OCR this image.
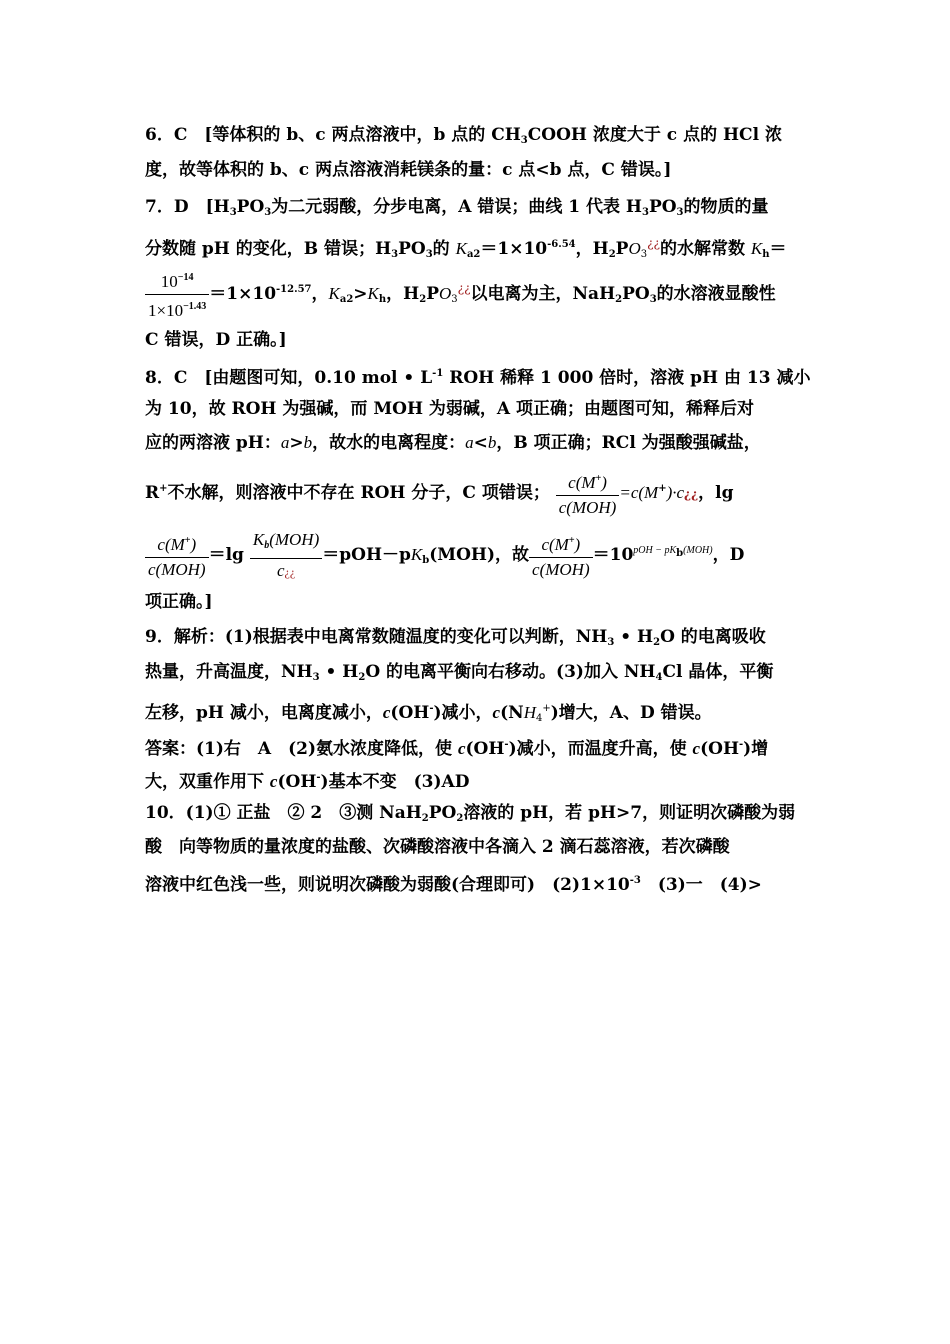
6．C　[等体积的 b、c 两点溶液中，b 点的 $CH_3COOH$ 浓度大于 c 点的 HCl 浓
度，故等体积的 b、c 两点溶液消耗镁条的量：c 点<b 点，C 错误。]
7．D　[$H_3PO_3$为二元弱酸，分步电离，A 错误；曲线 1 代表 $H_3PO_3$的物质的量
分数随 pH 的变化，B 错误；$H_3PO_3$的 $K_{a2}=1\times 10^{-6.54}$，$H_2PO_3^{¿¿}$的水解常数 $K_h=$
$\frac{10^{-14}}{1\times 10^{-1.43}} =1\times 10^{-12.57}$，$K_{a2}>K_h$，$H_2PO_3^{¿¿}$以电离为主，$NaH_2PO_3$的水溶液显酸性
C 错误，D 正确。]
8．C　[由题图可知，0.10 mol • $L^{-1}$ ROH 稀释 1 000 倍时，溶液 pH 由 13 减小
为 10，故 ROH 为强碱，而 MOH 为弱碱，A 项正确；由题图可知，稀释后对
应的两溶液 pH：a>b，故水的电离程度：a<b，B 项正确；RCl 为强酸强碱盐，
R+不水解，则溶液中不存在 ROH 分子，C 项错误； $\frac{c(M^+)}{\text{c(MOH)}}$ =c(M+)·c¿¿，lg
$\frac{c(M^+)}{\text{c(MOH)}} =\lg \frac{K_b(MOH)}{c¿¿} =pOH-pK_b(MOH)$，故 $\frac{c(M^+)}{\text{c(MOH)}} =10^{pOH - pK_b(MOH)}$，D
项正确。]
9．解析：(1)根据表中电离常数随温度的变化可以判断，$NH_3$ • $H_2O$ 的电离吸收
热量，升高温度，$NH_3$ • $H_2O$ 的电离平衡向右移动。(3)加入 $NH_4Cl$ 晶体，平衡
左移，pH 减小，电离度减小，c(OH-)减小，$c(NH_4^+)$增大，A、D 错误。
答案：(1)右　A　(2)氨水浓度降低，使 c(OH-)减小，而温度升高，使 c(OH-)增
大，双重作用下 c(OH-)基本不变　(3)AD
10．(1)① 正盐　② 2　③测 $NaH_2PO_2$溶液的 pH，若 pH>7，则证明次磷酸为弱
酸　向等物质的量浓度的盐酸、次磷酸溶液中各滴入 2 滴石蕊溶液，若次磷酸
溶液中红色浅一些，则说明次磷酸为弱酸(合理即可)　$(2)1\times 10^{-3}$　(3)一　(4)>
